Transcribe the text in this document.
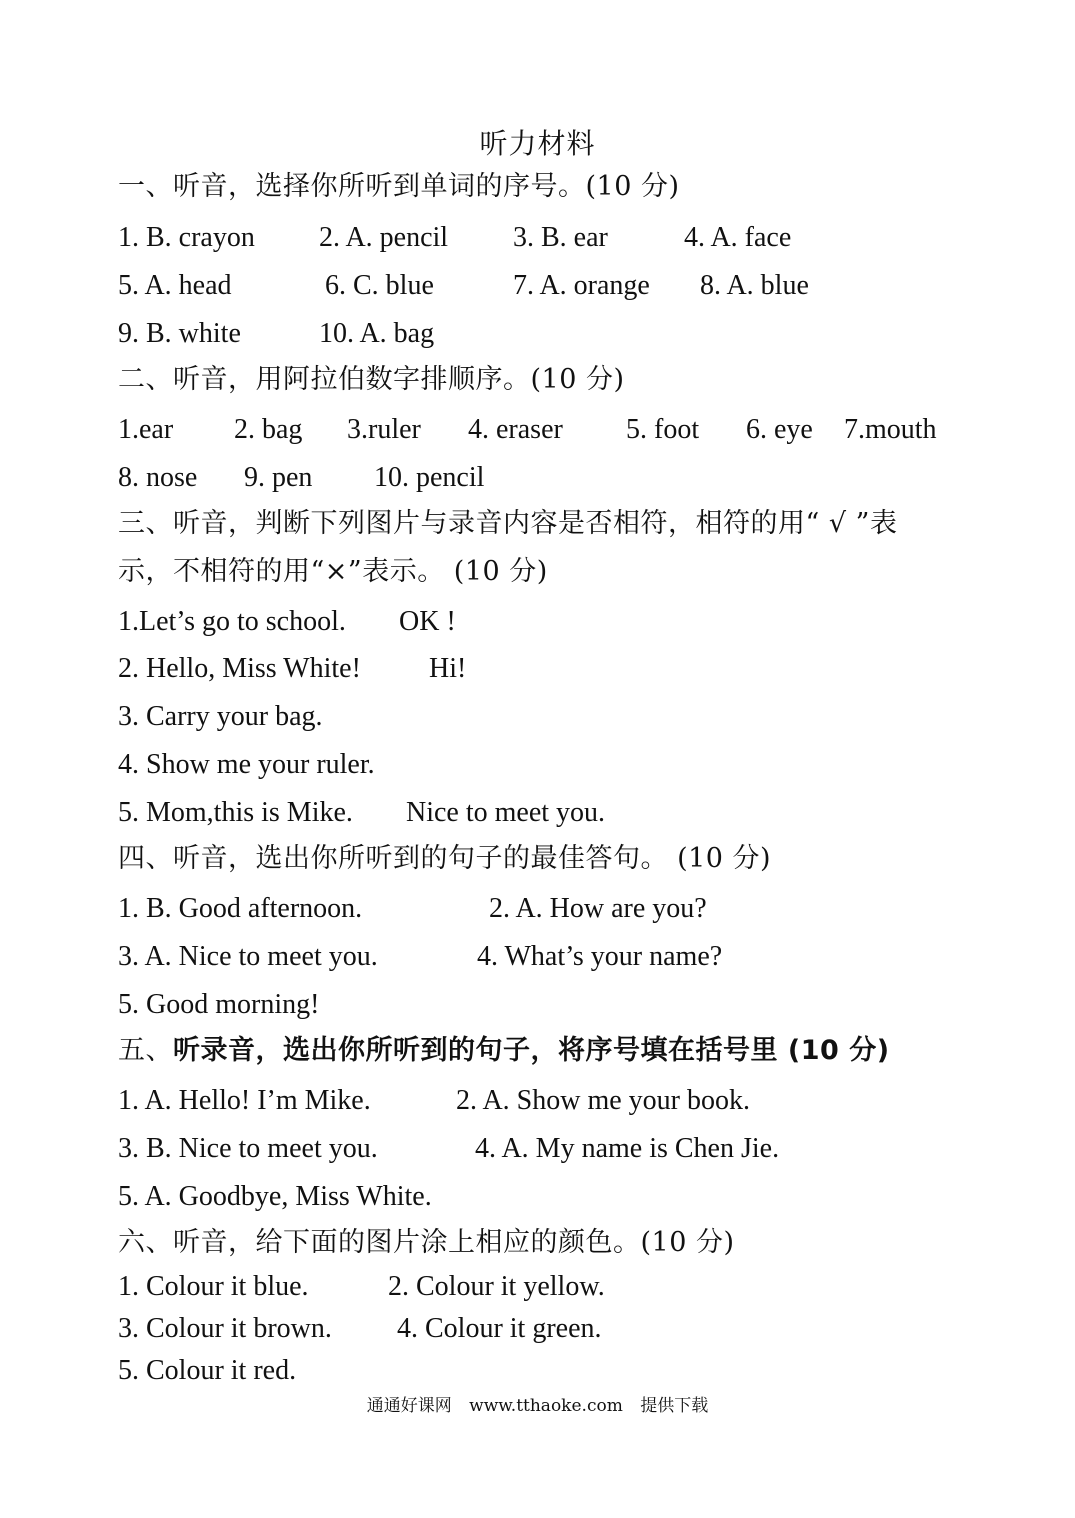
听力材料
一、听音，选择你所听到单词的序号。(10 分)
1. B. crayon 2. A. pencil 3. B. ear	4. A. face
5. A. head	6. C. blue	7. A. orange 8. A. blue
9. B. white	10. A. bag
二、听音，用阿拉伯数字排顺序。(10 分)
1.ear 2. bag 3.ruler 4. eraser 5. foot 6. eye 7.mouth
8. nose 9. pen 10. pencil
三、听音，判断下列图片与录音内容是否相符，相符的用“ √ ”表
示，不相符的用“×”表示。 (10 分)
1.Let’s go to school. OK !
2. Hello, Miss White! Hi!
3. Carry your bag.
4. Show me your ruler.
5. Mom,this is Mike. Nice to meet you.
四、听音，选出你所听到的句子的最佳答句。 (10 分)
1. B. Good afternoon.	2. A. How are you?
3. A. Nice to meet you.	4. What’s your name?
5. Good morning!
五、听录音，选出你所听到的句子，将序号填在括号里 (10 分)
1. A. Hello! I’m Mike.	2. A. Show me your book.
3. B. Nice to meet you.	4. A. My name is Chen Jie.
5. A. Goodbye, Miss White.
六、听音，给下面的图片涂上相应的颜色。(10 分)
1. Colour it blue.	2. Colour it yellow.
3. Colour it brown. 4. Colour it green.
5. Colour it red.
通通好课网 www.tthaoke.com 提供下载
